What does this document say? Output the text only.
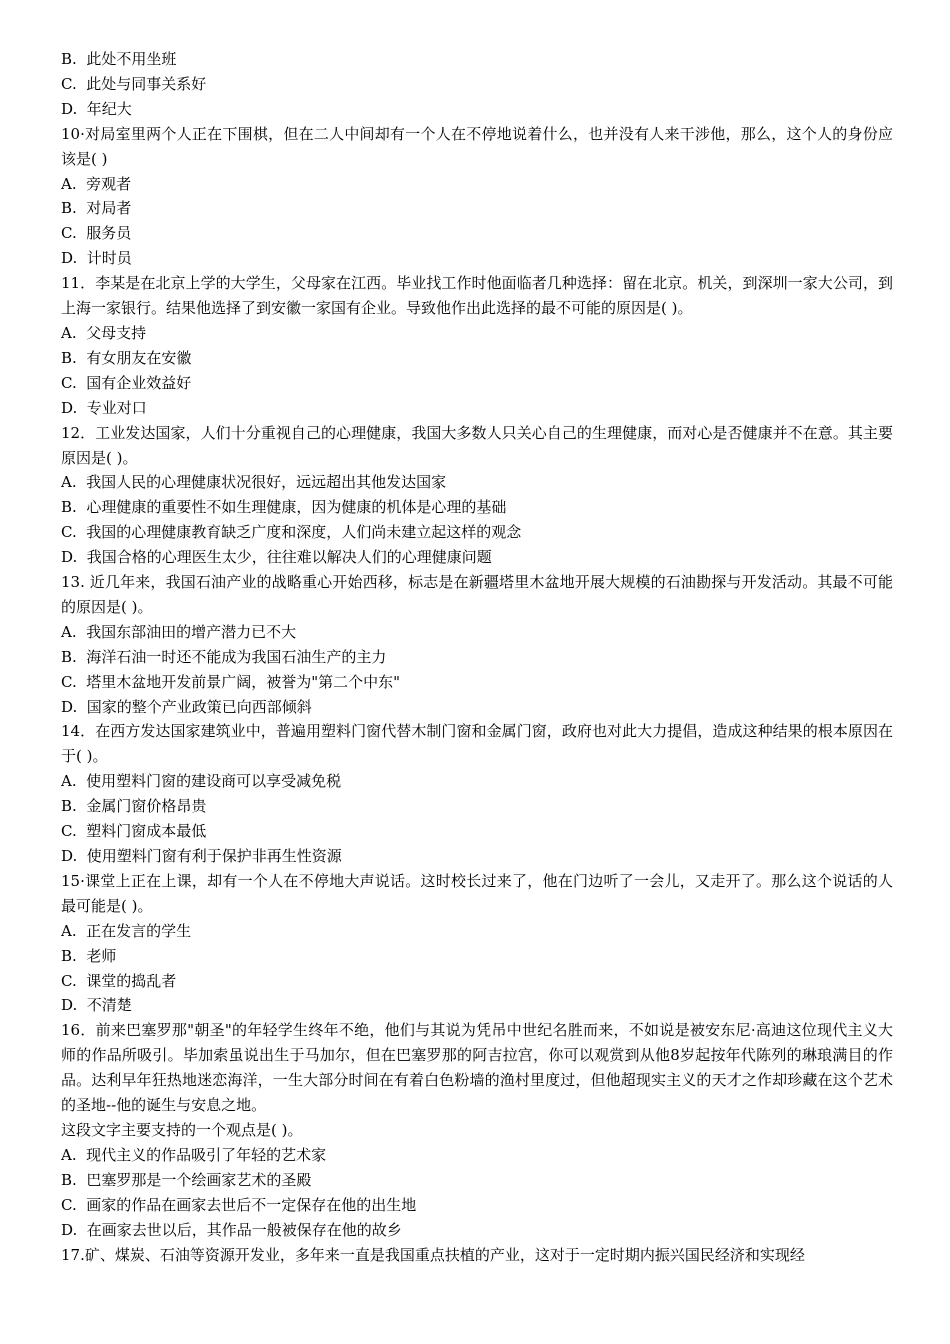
B.  此处不用坐班
C.  此处与同事关系好
D.  年纪大
10·对局室里两个人正在下围棋，但在二人中间却有一个人在不停地说着什么，也并没有人来干涉他，那么，这个人的身份应该是( )
A.  旁观者
B.  对局者
C.  服务员
D.  计时员
11．李某是在北京上学的大学生，父母家在江西。毕业找工作时他面临者几种选择：留在北京。机关，到深圳一家大公司，到上海一家银行。结果他选择了到安徽一家国有企业。导致他作出此选择的最不可能的原因是( )。
A.  父母支持
B.  有女朋友在安徽
C.  国有企业效益好
D.  专业对口
12．工业发达国家，人们十分重视自己的心理健康，我国大多数人只关心自己的生理健康，而对心是否健康并不在意。其主要原因是( )。
A.  我国人民的心理健康状况很好，远远超出其他发达国家
B.  心理健康的重要性不如生理健康，因为健康的机体是心理的基础
C.  我国的心理健康教育缺乏广度和深度，人们尚未建立起这样的观念
D.  我国合格的心理医生太少，往往难以解决人们的心理健康问题
13. 近几年来，我国石油产业的战略重心开始西移，标志是在新疆塔里木盆地开展大规模的石油勘探与开发活动。其最不可能的原因是( )。
A.  我国东部油田的增产潜力已不大
B.  海洋石油一时还不能成为我国石油生产的主力
C.  塔里木盆地开发前景广阔，被誉为"第二个中东"
D.  国家的整个产业政策已向西部倾斜
14．在西方发达国家建筑业中，普遍用塑料门窗代替木制门窗和金属门窗，政府也对此大力提倡，造成这种结果的根本原因在于( )。
A.  使用塑料门窗的建设商可以享受减免税
B.  金属门窗价格昂贵
C.  塑料门窗成本最低
D.  使用塑料门窗有利于保护非再生性资源
15·课堂上正在上课，却有一个人在不停地大声说话。这时校长过来了，他在门边听了一会儿，又走开了。那么这个说话的人最可能是( )。
A.  正在发言的学生
B.  老师
C.  课堂的捣乱者
D.  不清楚
16．前来巴塞罗那"朝圣"的年轻学生终年不绝，他们与其说为凭吊中世纪名胜而来，不如说是被安东尼·高迪这位现代主义大师的作品所吸引。毕加索虽说出生于马加尔，但在巴塞罗那的阿吉拉宫，你可以观赏到从他8岁起按年代陈列的琳琅满目的作品。达利早年狂热地迷恋海洋，一生大部分时间在有着白色粉墙的渔村里度过，但他超现实主义的天才之作却珍藏在这个艺术的圣地--他的诞生与安息之地。
这段文字主要支持的一个观点是( )。
A.  现代主义的作品吸引了年轻的艺术家
B.  巴塞罗那是一个绘画家艺术的圣殿
C.  画家的作品在画家去世后不一定保存在他的出生地
D.  在画家去世以后，其作品一般被保存在他的故乡
17.矿、煤炭、石油等资源开发业，多年来一直是我国重点扶植的产业，这对于一定时期内振兴国民经济和实现经
